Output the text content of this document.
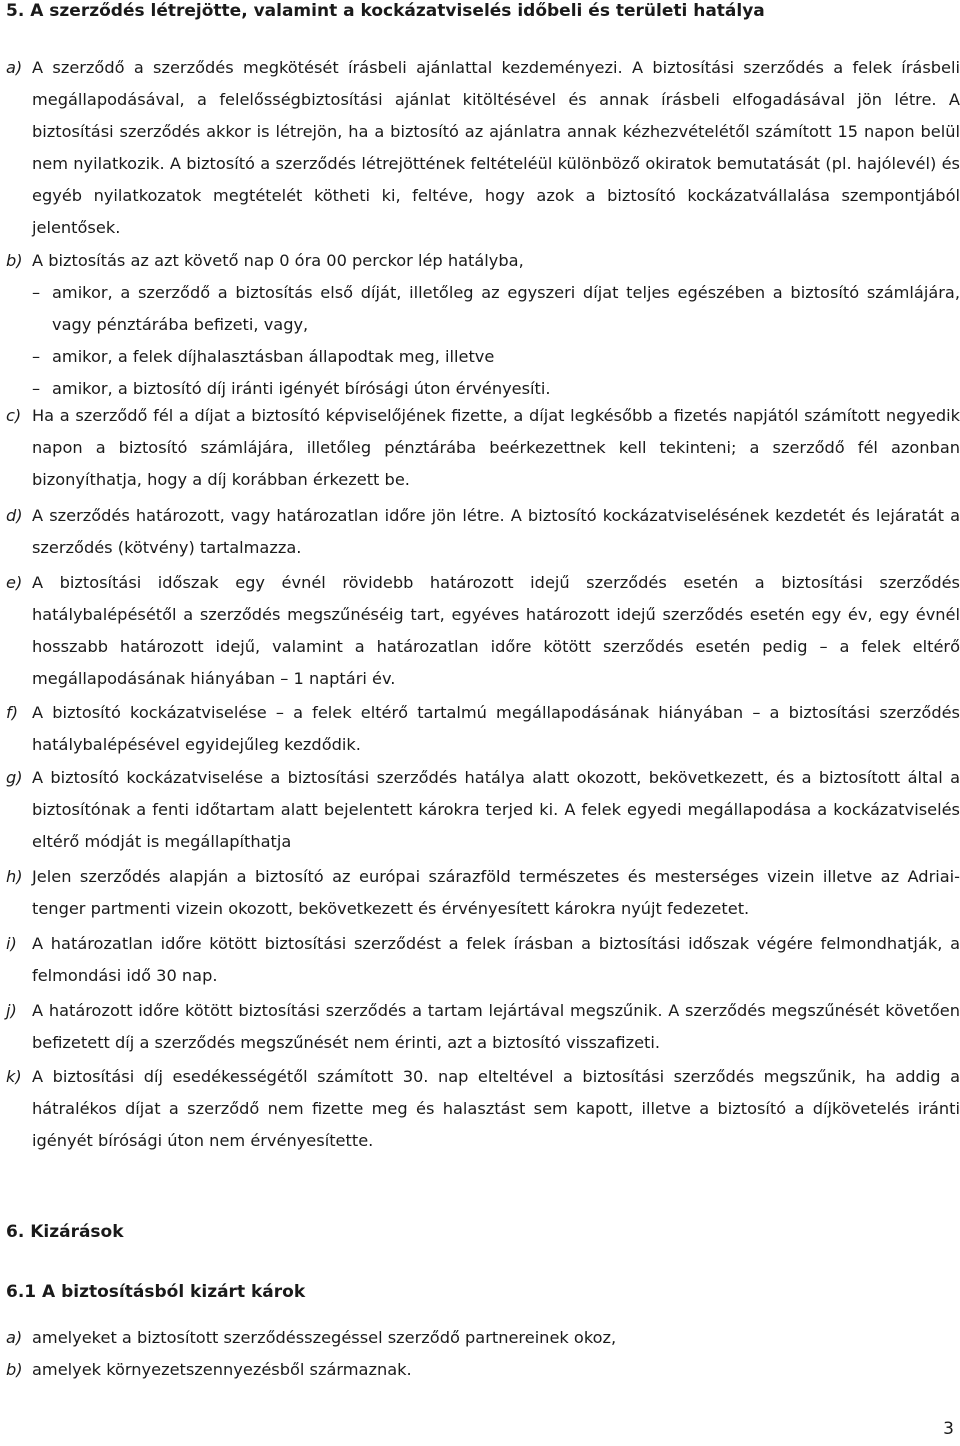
5. A szerződés létrejötte, valamint a kockázatviselés időbeli és területi hatálya
a) A szerződő a szerződés megkötését írásbeli ajánlattal kezdeményezi. A biztosítási szerződés a felek írásbeli megállapodásával, a felelősségbiztosítási ajánlat kitöltésével és annak írásbeli elfogadásával jön létre. A biztosítási szerződés akkor is létrejön, ha a biztosító az ajánlatra annak kézhezvételétől számított 15 napon belül nem nyilatkozik. A biztosító a szerződés létrejöttének feltételéül különböző okiratok bemutatását (pl. hajólevél) és egyéb nyilatkozatok megtételét kötheti ki, feltéve, hogy azok a biztosító kockázatvállalása szempontjából jelentősek.
b) A biztosítás az azt követő nap 0 óra 00 perckor lép hatályba,
– amikor, a szerződő a biztosítás első díját, illetőleg az egyszeri díjat teljes egészében a biztosító számlájára, vagy pénztárába befizeti, vagy,
– amikor, a felek díjhalasztásban állapodtak meg, illetve
– amikor, a biztosító díj iránti igényét bírósági úton érvényesíti.
c) Ha a szerződő fél a díjat a biztosító képviselőjének fizette, a díjat legkésőbb a fizetés napjától számított negyedik napon a biztosító számlájára, illetőleg pénztárába beérkezettnek kell tekinteni; a szerződő fél azonban bizonyíthatja, hogy a díj korábban érkezett be.
d) A szerződés határozott, vagy határozatlan időre jön létre. A biztosító kockázatviselésének kezdetét és lejáratát a szerződés (kötvény) tartalmazza.
e) A biztosítási időszak egy évnél rövidebb határozott idejű szerződés esetén a biztosítási szerződés hatálybalépésétől a szerződés megszűnéséig tart, egyéves határozott idejű szerződés esetén egy év, egy évnél hosszabb határozott idejű, valamint a határozatlan időre kötött szerződés esetén pedig – a felek eltérő megállapodásának hiányában – 1 naptári év.
f) A biztosító kockázatviselése – a felek eltérő tartalmú megállapodásának hiányában – a biztosítási szerződés hatálybalépésével egyidejűleg kezdődik.
g) A biztosító kockázatviselése a biztosítási szerződés hatálya alatt okozott, bekövetkezett, és a biztosított által a biztosítónak a fenti időtartam alatt bejelentett károkra terjed ki. A felek egyedi megállapodása a kockázatviselés eltérő módját is megállapíthatja
h) Jelen szerződés alapján a biztosító az európai szárazföld természetes és mesterséges vizein illetve az Adriai-tenger partmenti vizein okozott, bekövetkezett és érvényesített károkra nyújt fedezetet.
i) A határozatlan időre kötött biztosítási szerződést a felek írásban a biztosítási időszak végére felmondhatják, a felmondási idő 30 nap.
j) A határozott időre kötött biztosítási szerződés a tartam lejártával megszűnik. A szerződés megszűnését követően befizetett díj a szerződés megszűnését nem érinti, azt a biztosító visszafizeti.
k) A biztosítási díj esedékességétől számított 30. nap elteltével a biztosítási szerződés megszűnik, ha addig a hátralékos díjat a szerződő nem fizette meg és halasztást sem kapott, illetve a biztosító a díjkövetelés iránti igényét bírósági úton nem érvényesítette.
6. Kizárások
6.1 A biztosításból kizárt károk
a) amelyeket a biztosított szerződésszegéssel szerződő partnereinek okoz,
b) amelyek környezetszennyezésből származnak.
3
